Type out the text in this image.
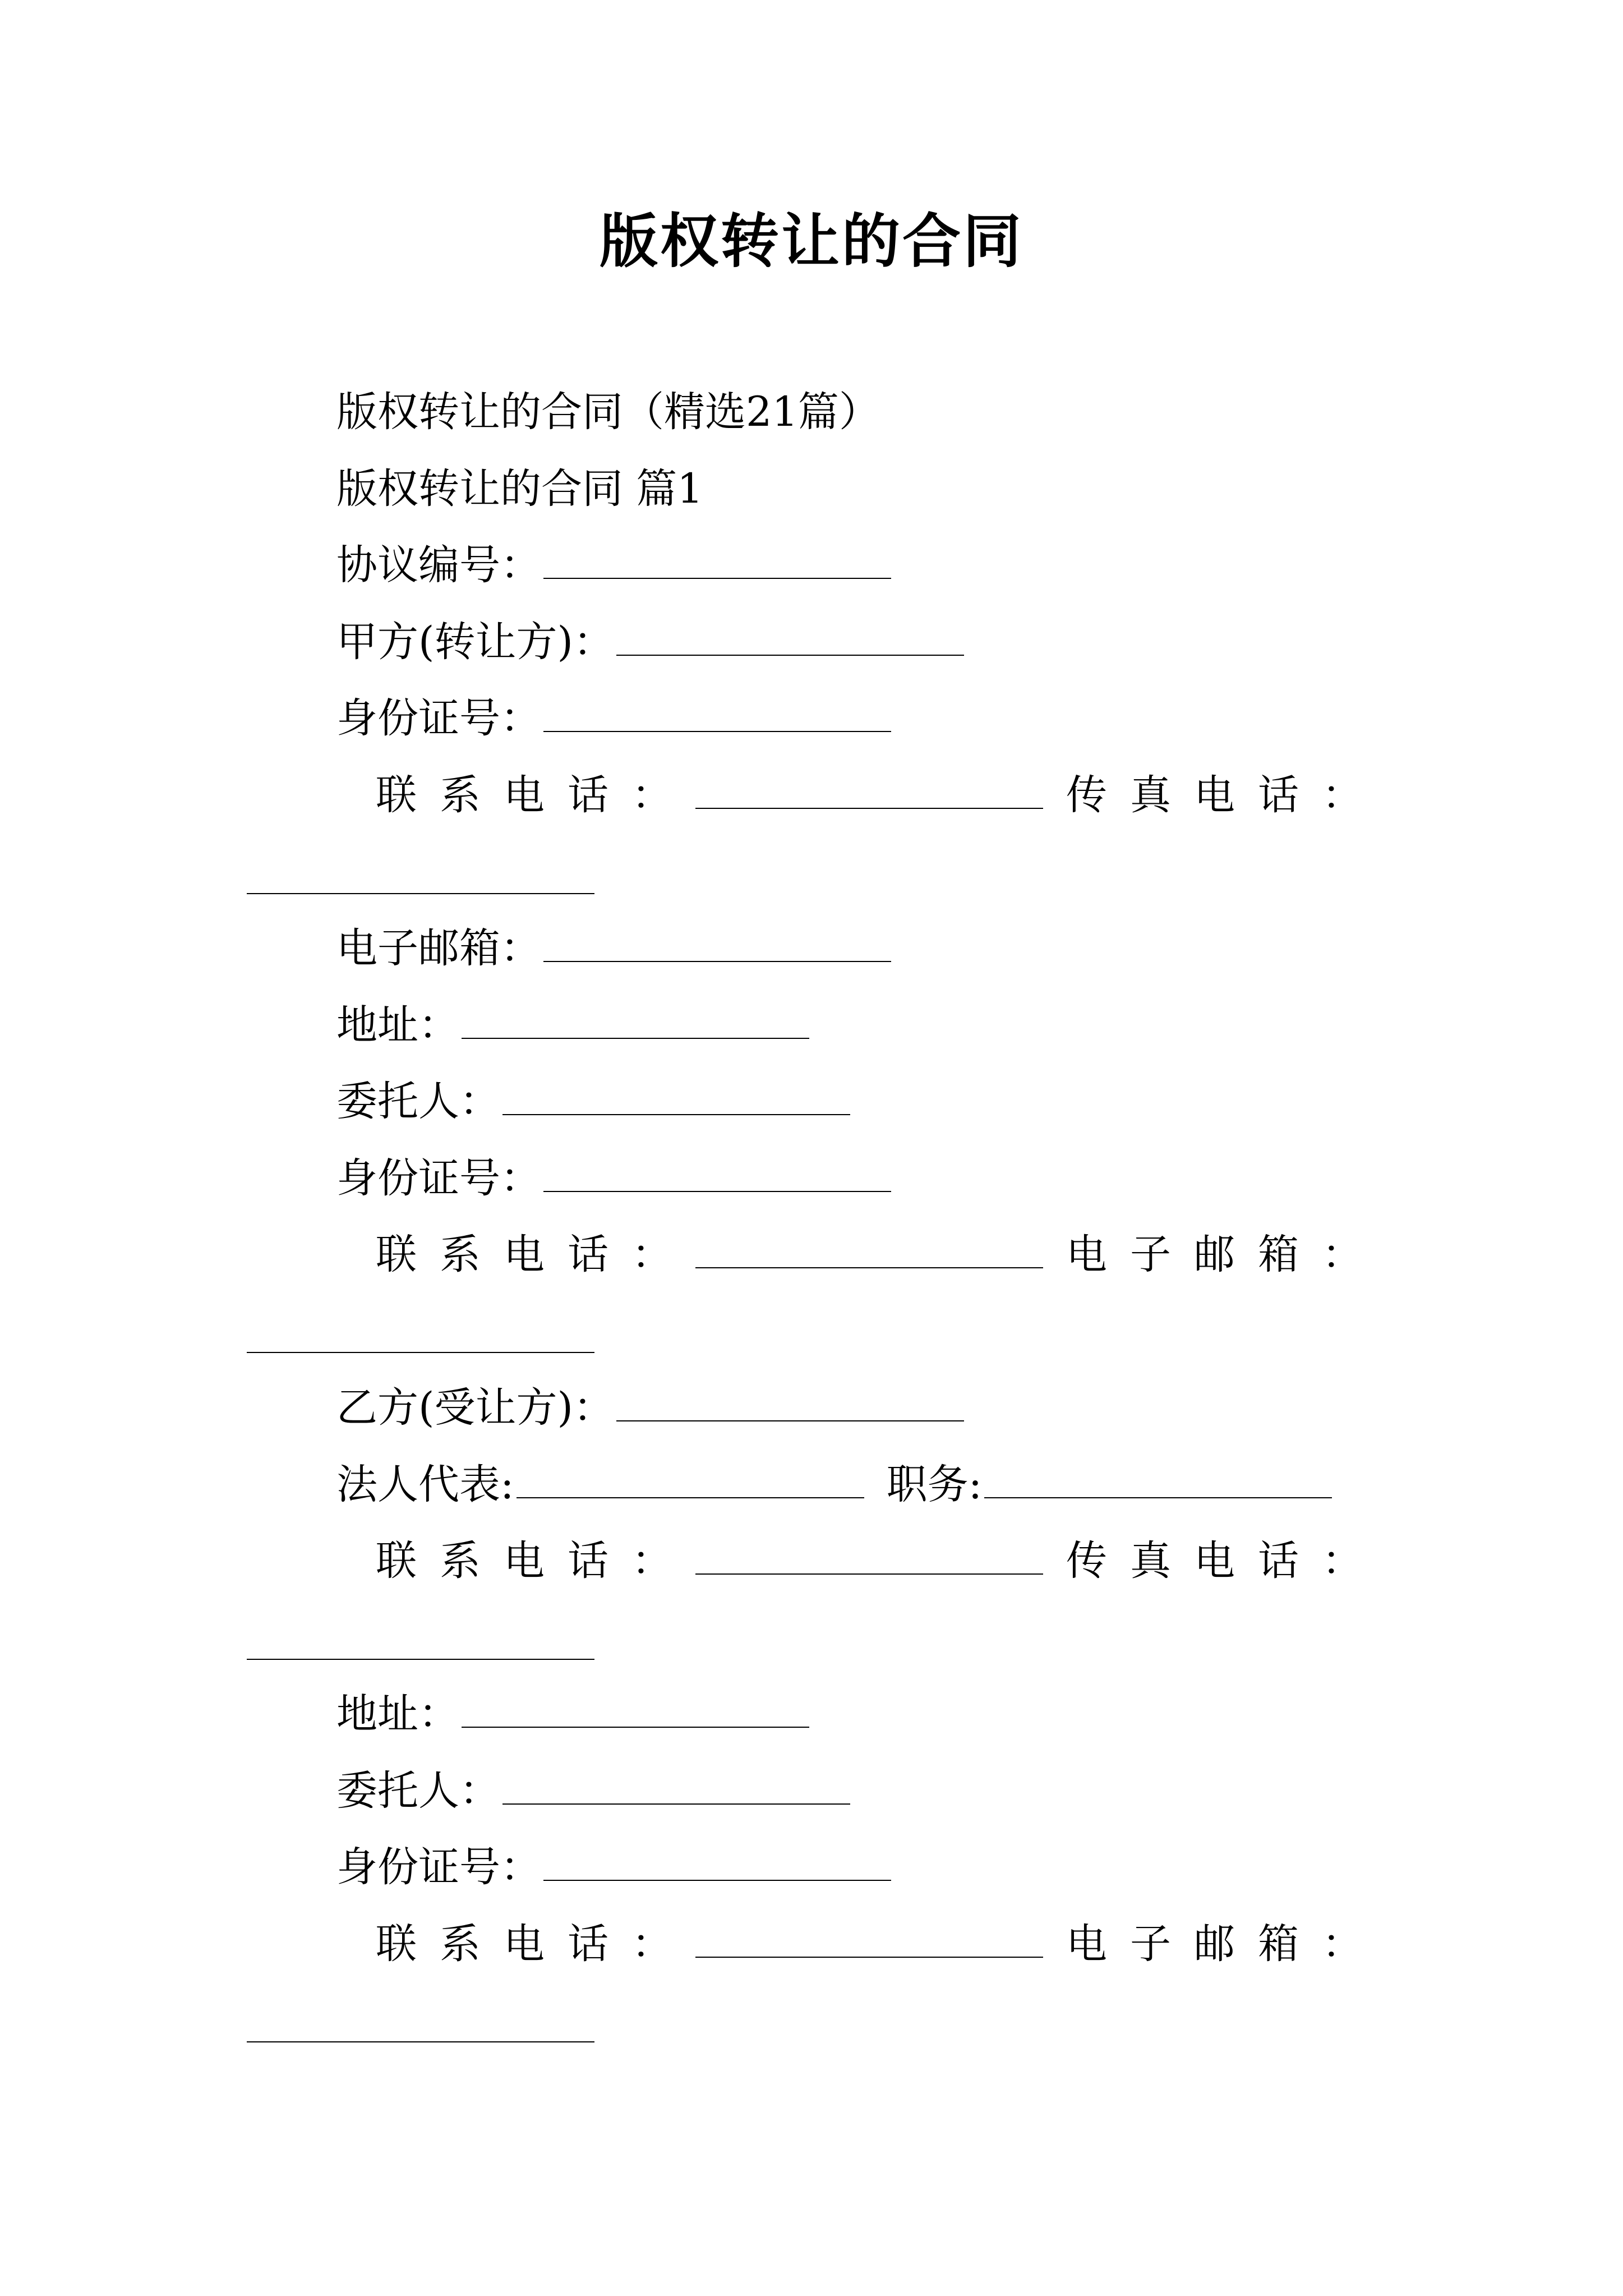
版权转让的合同
版权转让的合同（精选21篇）
版权转让的合同 篇1
协议编号：
甲方(转让方)：
身份证号：
联 系 电 话 ：	传 真 电 话 ：
电子邮箱：
地址：
委托人：
身份证号：
联 系 电 话 ：	电 子 邮 箱 ：
乙方(受让方)：
法人代表:	职务:
联 系 电 话 ：	传 真 电 话 ：
地址：
委托人：
身份证号：
联 系 电 话 ：	电 子 邮 箱 ：
